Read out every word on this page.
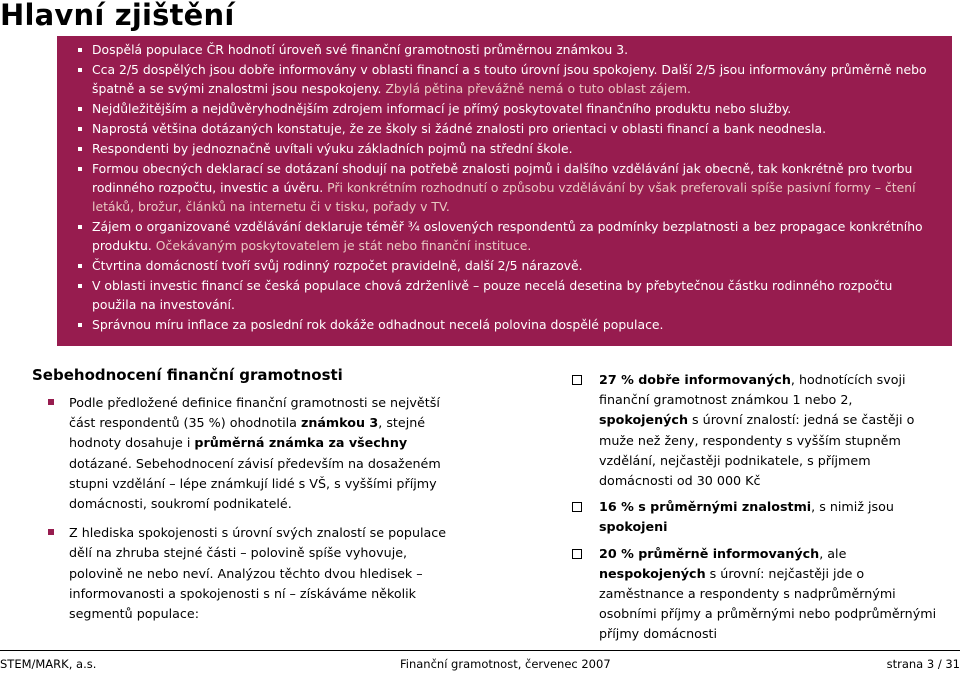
Hlavní zjištění
Dospělá populace ČR hodnotí úroveň své finanční gramotnosti průměrnou známkou 3.
Cca 2/5 dospělých jsou dobře informovány v oblasti financí a s touto úrovní jsou spokojeny. Další 2/5 jsou informovány průměrně nebo špatně a se svými znalostmi jsou nespokojeny. Zbylá pětina převážně nemá o tuto oblast zájem.
Nejdůležitějším a nejdůvěryhodnějším zdrojem informací je přímý poskytovatel finančního produktu nebo služby.
Naprostá většina dotázaných konstatuje, že ze školy si žádné znalosti pro orientaci v oblasti financí a bank neodnesla.
Respondenti by jednoznačně uvítali výuku základních pojmů na střední škole.
Formou obecných deklarací se dotázaní shodují na potřebě znalosti pojmů i dalšího vzdělávání jak obecně, tak konkrétně pro tvorbu rodinného rozpočtu, investic a úvěru. Při konkrétním rozhodnutí o způsobu vzdělávání by však preferovali spíše pasivní formy – čtení letáků, brožur, článků na internetu či v tisku, pořady v TV.
Zájem o organizované vzdělávání deklaruje téměř ¾ oslovených respondentů za podmínky bezplatnosti a bez propagace konkrétního produktu. Očekávaným poskytovatelem je stát nebo finanční instituce.
Čtvrtina domácností tvoří svůj rodinný rozpočet pravidelně, další 2/5 nárazově.
V oblasti investic financí se česká populace chová zdrženlivě – pouze necelá desetina by přebytečnou částku rodinného rozpočtu použila na investování.
Správnou míru inflace za poslední rok dokáže odhadnout necelá polovina dospělé populace.
Sebehodnocení finanční gramotnosti
Podle předložené definice finanční gramotnosti se největší část respondentů (35 %) ohodnotila známkou 3, stejné hodnoty dosahuje i průměrná známka za všechny dotázané. Sebehodnocení závisí především na dosaženém stupni vzdělání – lépe známkují lidé s VŠ, s vyššími příjmy domácnosti, soukromí podnikatelé.
Z hlediska spokojenosti s úrovní svých znalostí se populace dělí na zhruba stejné části – polovině spíše vyhovuje, polovině ne nebo neví. Analýzou těchto dvou hledisek – informovanosti a spokojenosti s ní – získáváme několik segmentů populace:
27 % dobře informovaných, hodnotících svoji finanční gramotnost známkou 1 nebo 2, spokojených s úrovní znalostí: jedná se častěji o muže než ženy, respondenty s vyšším stupněm vzdělání, nejčastěji podnikatele, s příjmem domácnosti od 30 000 Kč
16 % s průměrnými znalostmi, s nimiž jsou spokojeni
20 % průměrně informovaných, ale nespokojených s úrovní: nejčastěji jde o zaměstnance a respondenty s nadprůměrnými osobními příjmy a průměrnými nebo podprůměrnými příjmy domácnosti
STEM/MARK, a.s.	Finanční gramotnost, červenec 2007	strana 3 / 31
